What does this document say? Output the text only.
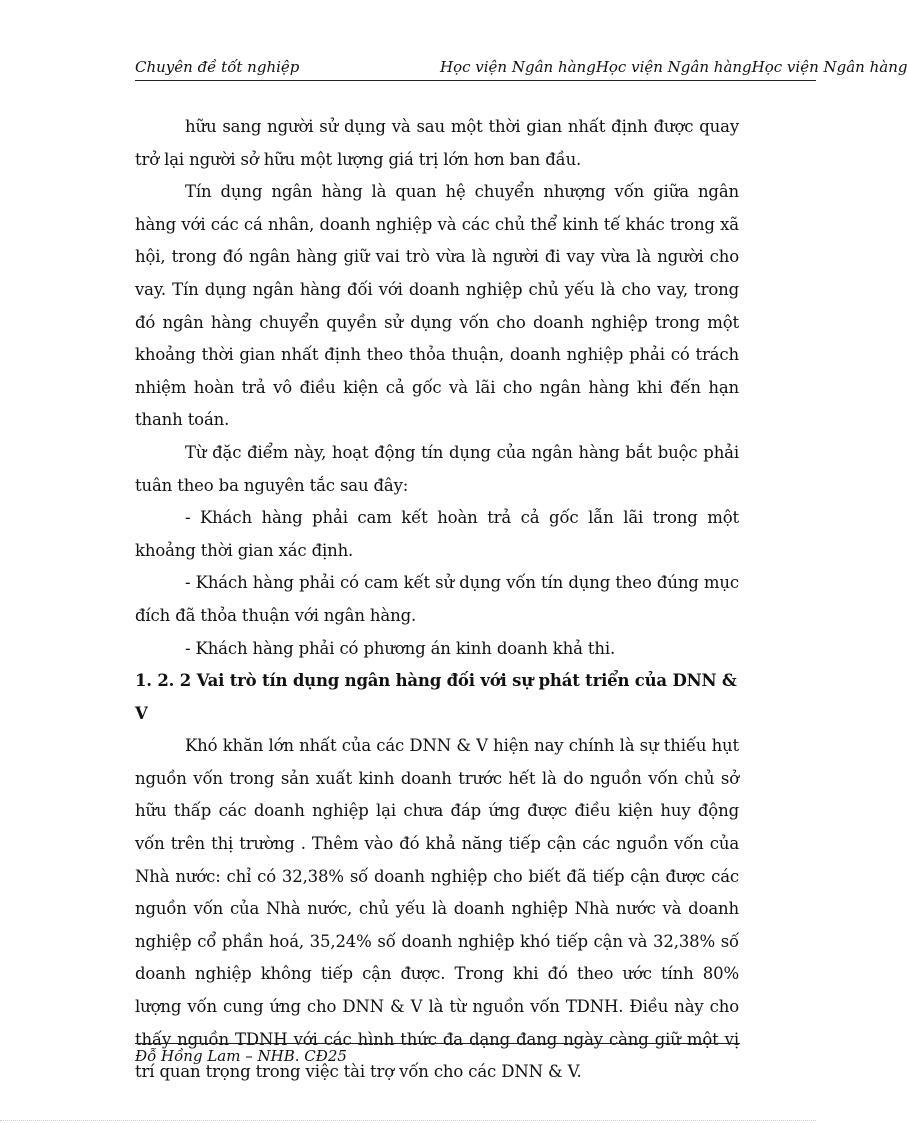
Chuyên đề tốt nghiệp	Học viện Ngân hàngHọc viện Ngân hàngHọc viện Ngân hàng

hữu sang người sử dụng và sau một thời gian nhất định được quay trở lại người sở hữu một lượng giá trị lớn hơn ban đầu.

Tín dụng ngân hàng là quan hệ chuyển nhượng vốn giữa ngân hàng với các cá nhân, doanh nghiệp và các chủ thể kinh tế khác trong xã hội, trong đó ngân hàng giữ vai trò vừa là người đi vay vừa là người cho vay. Tín dụng ngân hàng đối với doanh nghiệp chủ yếu là cho vay, trong đó ngân hàng chuyển quyền sử dụng vốn cho doanh nghiệp trong một khoảng thời gian nhất định theo thỏa thuận, doanh nghiệp phải có trách nhiệm hoàn trả vô điều kiện cả gốc và lãi cho ngân hàng khi đến hạn thanh toán.

Từ đặc điểm này, hoạt động tín dụng của ngân hàng bắt buộc phải tuân theo ba nguyên tắc sau đây:

- Khách hàng phải cam kết hoàn trả cả gốc lẫn lãi trong một khoảng thời gian xác định.

- Khách hàng phải có cam kết sử dụng vốn tín dụng theo đúng mục đích đã thỏa thuận với ngân hàng.

- Khách hàng phải có phương án kinh doanh khả thi.

1. 2. 2 Vai trò tín dụng ngân hàng đối với sự phát triển của DNN & V

Khó khăn lớn nhất của các DNN & V hiện nay chính là sự thiếu hụt nguồn vốn trong sản xuất kinh doanh trước hết là do nguồn vốn chủ sở hữu thấp các doanh nghiệp lại chưa đáp ứng được điều kiện huy động vốn trên thị trường . Thêm vào đó khả năng tiếp cận các nguồn vốn của Nhà nước: chỉ có 32,38% số doanh nghiệp cho biết đã tiếp cận được các nguồn vốn của Nhà nước, chủ yếu là doanh nghiệp Nhà nước và doanh nghiệp cổ phần hoá, 35,24% số doanh nghiệp khó tiếp cận và 32,38% số doanh nghiệp không tiếp cận được. Trong khi đó theo ước tính 80% lượng vốn cung ứng cho DNN & V là từ nguồn vốn TDNH. Điều này cho thấy nguồn TDNH với các hình thức đa dạng đang ngày càng giữ một vị trí quan trọng trong việc tài trợ vốn cho các DNN & V.

Đỗ Hồng Lam – NHB. CĐ25
